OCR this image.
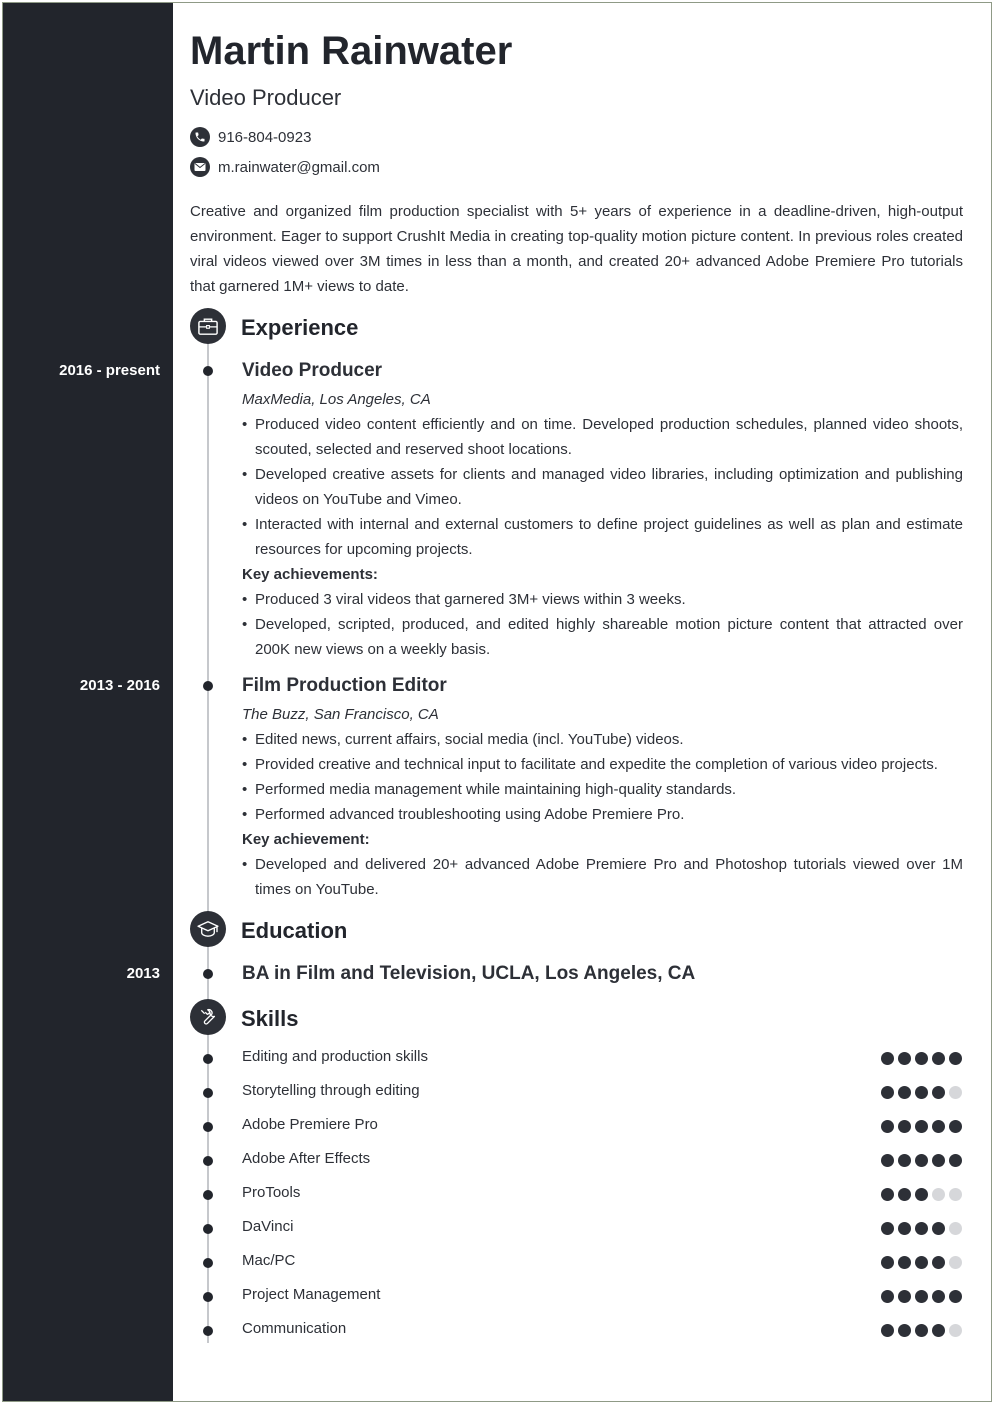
2016 - present
2013 - 2016
2013
Martin Rainwater
Video Producer
916-804-0923
m.rainwater@gmail.com
Creative and organized film production specialist with 5+ years of experience in a deadline-driven, high-output environment. Eager to support CrushIt Media in creating top-quality motion picture content. In previous roles created viral videos viewed over 3M times in less than a month, and created 20+ advanced Adobe Premiere Pro tutorials that garnered 1M+ views to date.
Experience
Video Producer
MaxMedia, Los Angeles, CA
• Produced video content efficiently and on time. Developed production schedules, planned video shoots, scouted, selected and reserved shoot locations.
• Developed creative assets for clients and managed video libraries, including optimization and publishing videos on YouTube and Vimeo.
• Interacted with internal and external customers to define project guidelines as well as plan and estimate resources for upcoming projects.
Key achievements:
• Produced 3 viral videos that garnered 3M+ views within 3 weeks.
• Developed, scripted, produced, and edited highly shareable motion picture content that attracted over 200K new views on a weekly basis.
Film Production Editor
The Buzz, San Francisco, CA
• Edited news, current affairs, social media (incl. YouTube) videos.
• Provided creative and technical input to facilitate and expedite the completion of various video projects.
• Performed media management while maintaining high-quality standards.
• Performed advanced troubleshooting using Adobe Premiere Pro.
Key achievement:
• Developed and delivered 20+ advanced Adobe Premiere Pro and Photoshop tutorials viewed over 1M times on YouTube.
Education
BA in Film and Television, UCLA, Los Angeles, CA
Skills
Editing and production skills
Storytelling through editing
Adobe Premiere Pro
Adobe After Effects
ProTools
DaVinci
Mac/PC
Project Management
Communication
